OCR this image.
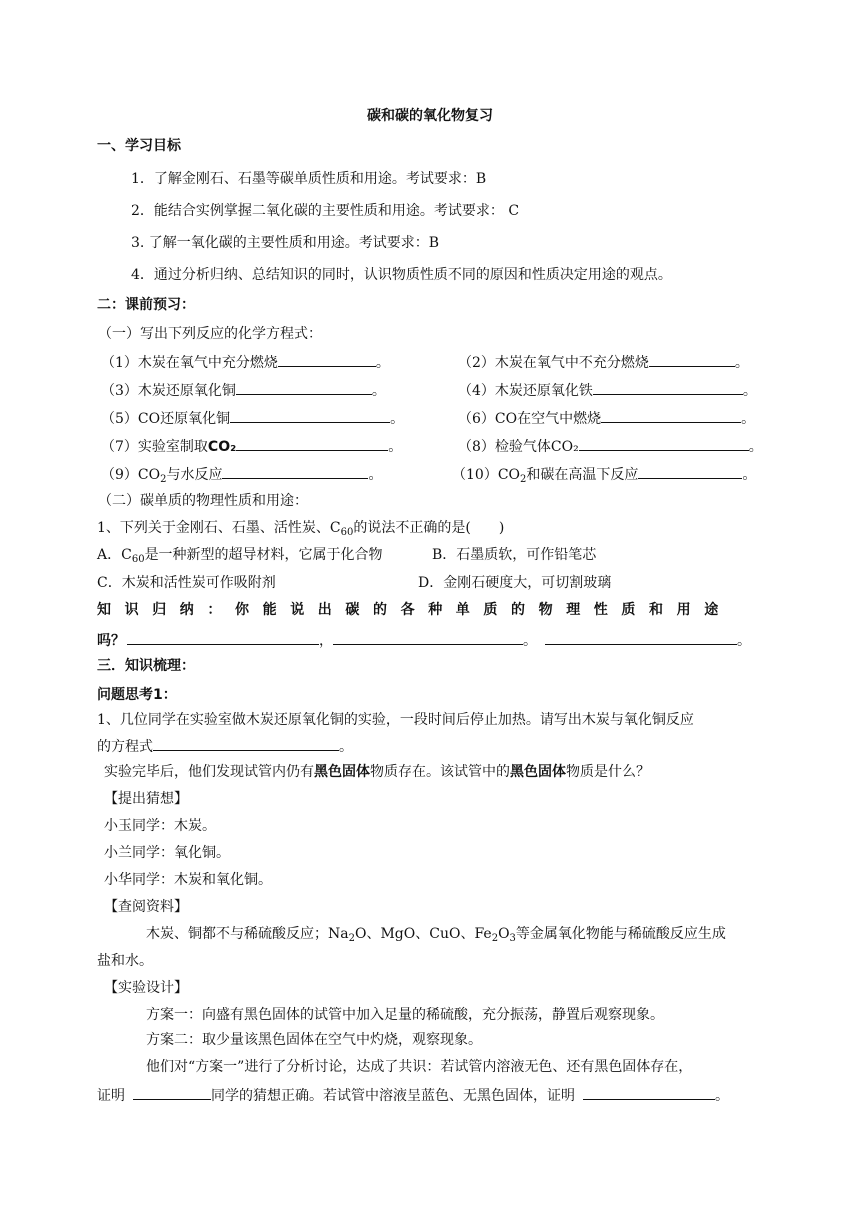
碳和碳的氧化物复习
一、学习目标
1．了解金刚石、石墨等碳单质性质和用途。考试要求：B
2．能结合实例掌握二氧化碳的主要性质和用途。考试要求： C
3. 了解一氧化碳的主要性质和用途。考试要求：B
4．通过分析归纳、总结知识的同时，认识物质性质不同的原因和性质决定用途的观点。
二：课前预习：
（一）写出下列反应的化学方程式：
（1）木炭在氧气中充分燃烧	。	（2）木炭在氧气中不充分燃烧	。
（3）木炭还原氧化铜	。	（4）木炭还原氧化铁	。
（5）CO还原氧化铜	。	（6）CO在空气中燃烧	。
（7）实验室制取CO₂	。	（8）检验气体CO₂	。
$(9)CO_2$与水反应	。	$(10)CO_2$和碳在高温下反应	。
（二）碳单质的物理性质和用途：
1、下列关于金刚石、石墨、活性炭、$C_{60}$的说法不正确的是(　　)
A．$C_{60}$是一种新型的超导材料，它属于化合物	B．石墨质软，可作铅笔芯
C．木炭和活性炭可作吸附剂	D．金刚石硬度大，可切割玻璃
知识归纳：你能说出碳的各种单质的物理性质和用途
吗？	，	。	。
三．知识梳理：
问题思考1：
1、几位同学在实验室做木炭还原氧化铜的实验，一段时间后停止加热。请写出木炭与氧化铜反应
的方程式	。
实验完毕后，他们发现试管内仍有黑色固体物质存在。该试管中的黑色固体物质是什么？
【提出猜想】
小玉同学：木炭。
小兰同学：氧化铜。
小华同学：木炭和氧化铜。
【查阅资料】
木炭、铜都不与稀硫酸反应；$Na_2O$、MgO、CuO、$Fe_2O_3$等金属氧化物能与稀硫酸反应生成
盐和水。
【实验设计】
方案一：向盛有黑色固体的试管中加入足量的稀硫酸，充分振荡，静置后观察现象。
方案二：取少量该黑色固体在空气中灼烧，观察现象。
他们对“方案一”进行了分析讨论，达成了共识：若试管内溶液无色、还有黑色固体存在，
证明	同学的猜想正确。若试管中溶液呈蓝色、无黑色固体，证明	。
